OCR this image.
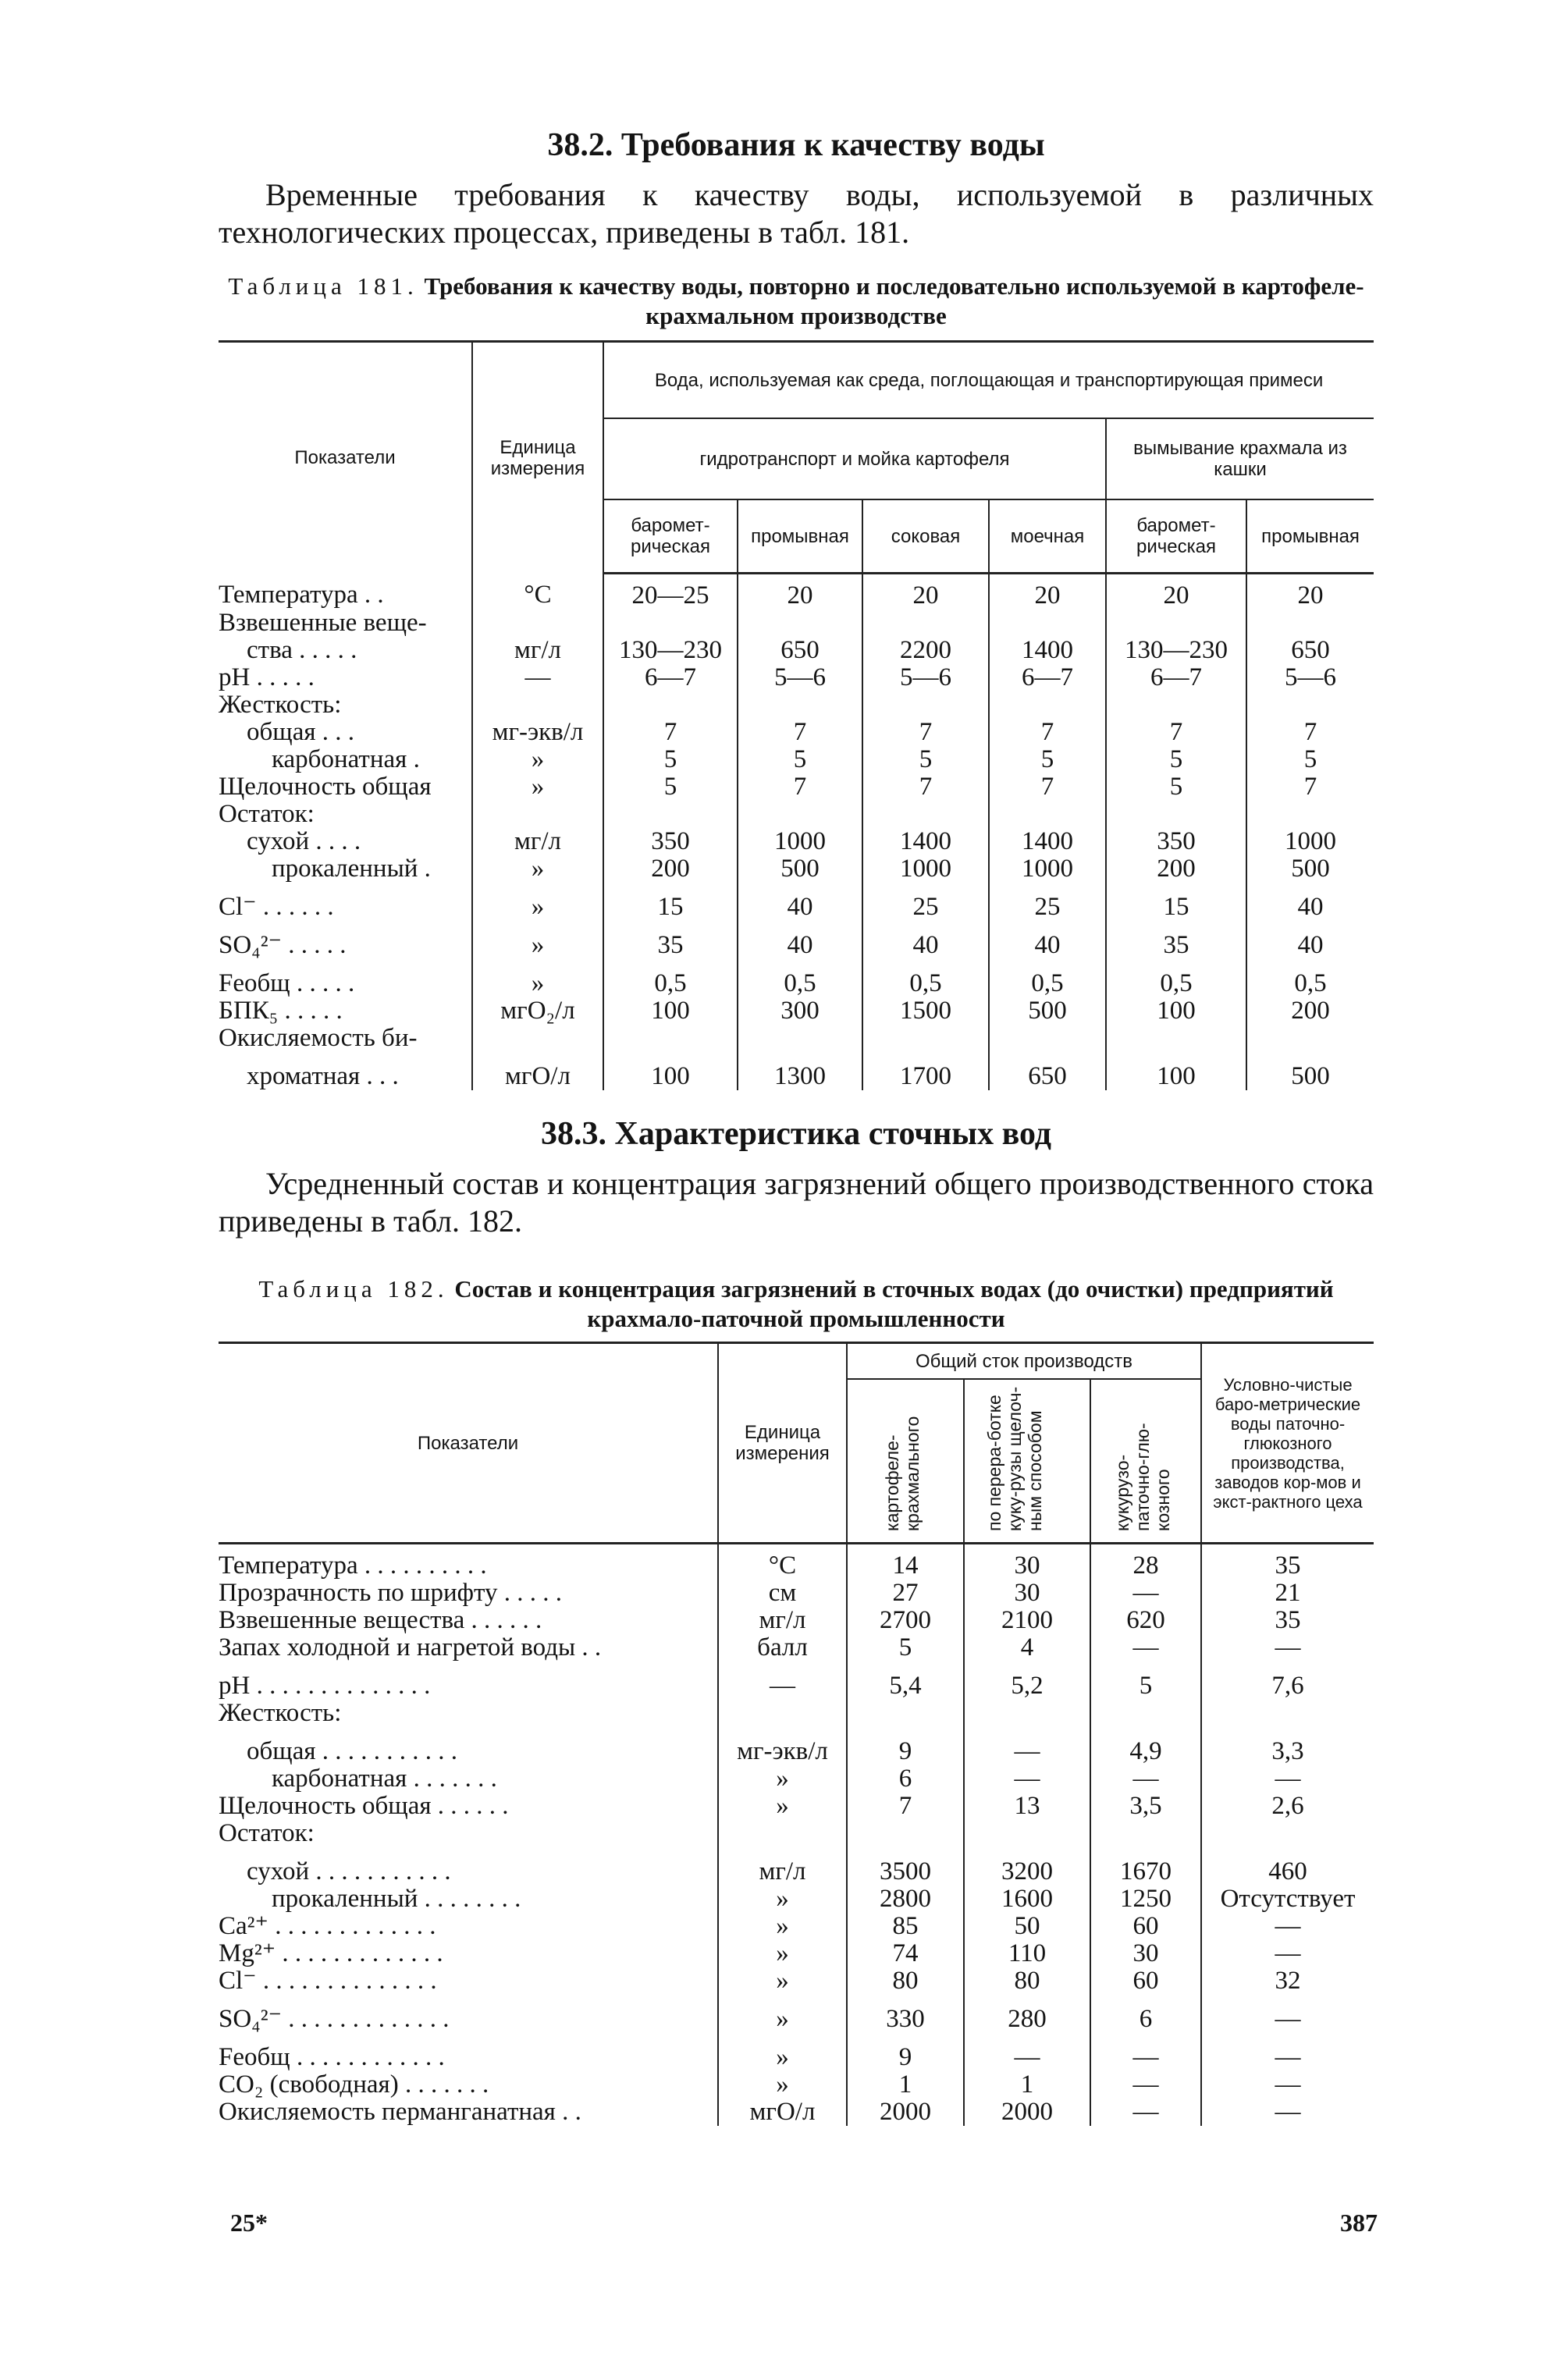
38.2. Требования к качеству воды

Временные требования к качеству воды, используемой в различных технологических процессах, приведены в табл. 181.

Таблица 181. Требования к качеству воды, повторно и последовательно используемой в картофеле-крахмальном производстве

Показатели	Единица измерения	Вода, используемая как среда, поглощающая и транспортирующая примеси					
		гидротранспорт и мойка картофеля				вымывание крахмала из кашки	
		баромет-рическая	промывная	соковая	моечная	баромет-рическая	промывная
Температура . .	°С	20—25	20	20	20	20	20
Взвешенные веще-							
ства . . . . .	мг/л	130—230	650	2200	1400	130—230	650
pH . . . . .	—	6—7	5—6	5—6	6—7	6—7	5—6
Жесткость:							
общая . . .	мг-экв/л	7	7	7	7	7	7
карбонатная .	»	5	5	5	5	5	5
Щелочность общая	»	5	7	7	7	5	7
Остаток:							
сухой . . . .	мг/л	350	1000	1400	1400	350	1000
прокаленный .	»	200	500	1000	1000	200	500
Cl⁻ . . . . . .	»	15	40	25	25	15	40
SO₄²⁻ . . . . .	»	35	40	40	40	35	40
Feобщ . . . . .	»	0,5	0,5	0,5	0,5	0,5	0,5
БПК₅ . . . . .	мгO₂/л	100	300	1500	500	100	200
Окисляемость би-							
хроматная . . .	мгO/л	100	1300	1700	650	100	500
38.3. Характеристика сточных вод

Усредненный состав и концентрация загрязнений общего производственного стока приведены в табл. 182.

Таблица 182. Состав и концентрация загрязнений в сточных водах (до очистки) предприятий крахмало-паточной промышленности

Показатели	Единица измерения	Общий сток производств			Условно-чистые баро-метрические воды паточно-глюкозного производства, заводов кор-мов и экст-рактного цеха
		картофеле-крахмального	по перера-ботке куку-рузы щелоч-ным способом	кукурузо-паточно-глю-козного	
Температура . . . . . . . . . .	°С	14	30	28	35
Прозрачность по шрифту . . . . .	см	27	30	—	21
Взвешенные вещества . . . . . .	мг/л	2700	2100	620	35
Запах холодной и нагретой воды . .	балл	5	4	—	—
pH . . . . . . . . . . . . . .	—	5,4	5,2	5	7,6
Жесткость:					
общая . . . . . . . . . . .	мг-экв/л	9	—	4,9	3,3
карбонатная . . . . . . .	»	6	—	—	—
Щелочность общая . . . . . .	»	7	13	3,5	2,6
Остаток:					
сухой . . . . . . . . . . .	мг/л	3500	3200	1670	460
прокаленный . . . . . . . .	»	2800	1600	1250	Отсутствует
Ca²⁺ . . . . . . . . . . . . .	»	85	50	60	—
Mg²⁺ . . . . . . . . . . . . .	»	74	110	30	—
Cl⁻ . . . . . . . . . . . . . .	»	80	80	60	32
SO₄²⁻ . . . . . . . . . . . . .	»	330	280	6	—
Feобщ . . . . . . . . . . . .	»	9	—	—	—
CO₂ (свободная) . . . . . . .	»	1	1	—	—
Окисляемость перманганатная . .	мгO/л	2000	2000	—	—
25*	387
